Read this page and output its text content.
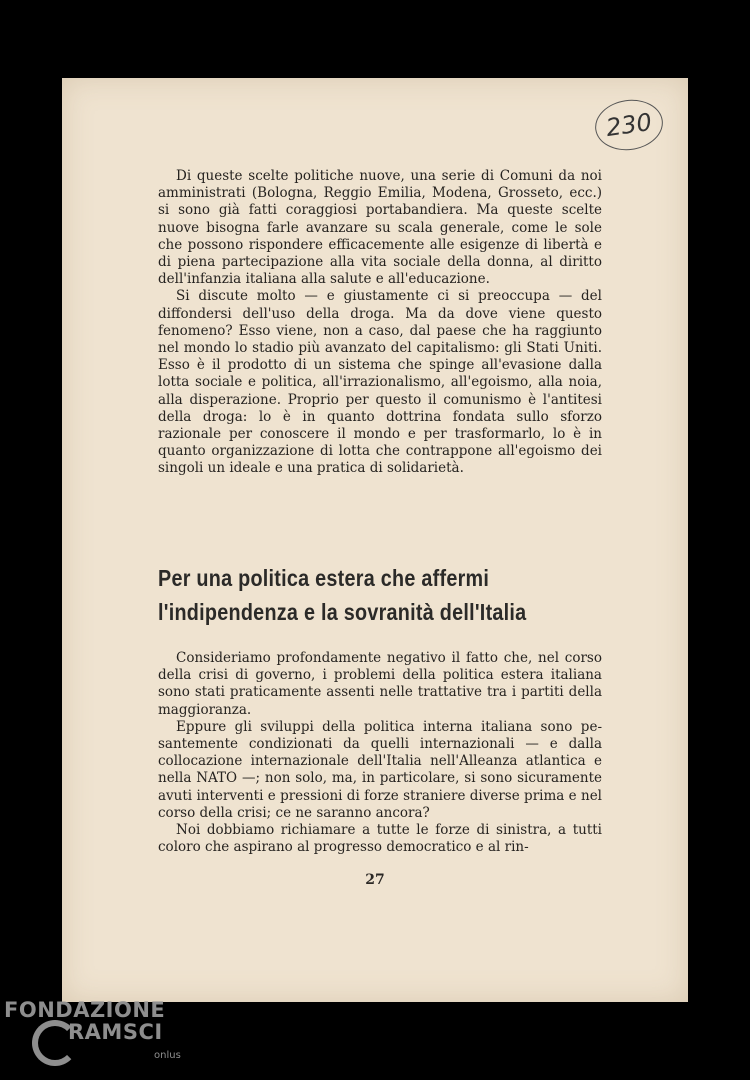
230

Di queste scelte politiche nuove, una serie di Comuni da noi amministrati (Bologna, Reggio Emilia, Modena, Grosseto, ecc.) si sono già fatti coraggiosi portabandiera. Ma queste scelte nuove bisogna farle avanzare su scala generale, come le sole che possono rispondere efficacemente alle esigenze di libertà e di piena partecipazione alla vita sociale della donna, al diritto dell'infanzia italiana alla salute e all'educazione.

Si discute molto — e giustamente ci si preoccupa — del diffondersi dell'uso della droga. Ma da dove viene questo fenomeno? Esso viene, non a caso, dal paese che ha raggiunto nel mondo lo stadio più avanzato del capitalismo: gli Stati Uniti. Esso è il prodotto di un sistema che spinge all'evasione dalla lotta sociale e politica, all'irrazionalismo, all'egoismo, alla noia, alla disperazione. Proprio per questo il comunismo è l'antitesi della droga: lo è in quanto dottrina fondata sullo sforzo razionale per conoscere il mondo e per trasformarlo, lo è in quanto organizzazione di lotta che contrappone all'egoismo dei singoli un ideale e una pratica di solidarietà.

Per una politica estera che affermi
l'indipendenza e la sovranità dell'Italia

Consideriamo profondamente negativo il fatto che, nel corso della crisi di governo, i problemi della politica estera italiana sono stati praticamente assenti nelle trattative tra i partiti della maggioranza.

Eppure gli sviluppi della politica interna italiana sono pesantemente condizionati da quelli internazionali — e dalla collocazione internazionale dell'Italia nell'Alleanza atlantica e nella NATO —; non solo, ma, in particolare, si sono sicuramente avuti interventi e pressioni di forze straniere diverse prima e nel corso della crisi; ce ne saranno ancora?

Noi dobbiamo richiamare a tutte le forze di sinistra, a tutti coloro che aspirano al progresso democratico e al rin-

27
FONDAZIONE
RAMSCI
onlus
